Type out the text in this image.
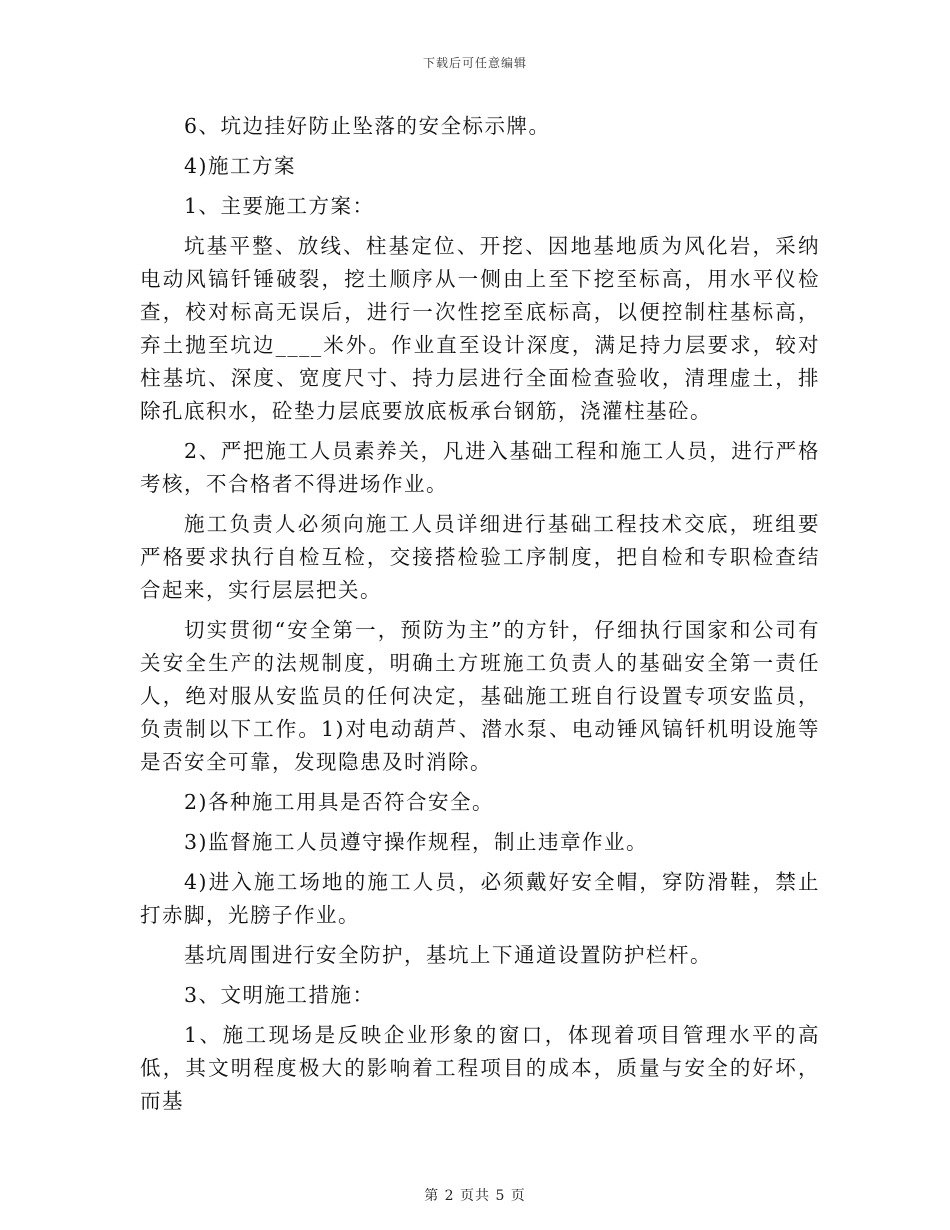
下载后可任意编辑

6、坑边挂好防止坠落的安全标示牌。

4)施工方案

1、主要施工方案：

坑基平整、放线、柱基定位、开挖、因地基地质为风化岩，采纳电动风镐钎锤破裂，挖土顺序从一侧由上至下挖至标高，用水平仪检查，校对标高无误后，进行一次性挖至底标高，以便控制柱基标高，弃土抛至坑边____米外。作业直至设计深度，满足持力层要求，较对柱基坑、深度、宽度尺寸、持力层进行全面检查验收，清理虚土，排除孔底积水，砼垫力层底要放底板承台钢筋，浇灌柱基砼。

2、严把施工人员素养关，凡进入基础工程和施工人员，进行严格考核，不合格者不得进场作业。

施工负责人必须向施工人员详细进行基础工程技术交底，班组要严格要求执行自检互检，交接搭检验工序制度，把自检和专职检查结合起来，实行层层把关。

切实贯彻“安全第一，预防为主”的方针，仔细执行国家和公司有关安全生产的法规制度，明确土方班施工负责人的基础安全第一责任人，绝对服从安监员的任何决定，基础施工班自行设置专项安监员，负责制以下工作。1)对电动葫芦、潜水泵、电动锤风镐钎机明设施等是否安全可靠，发现隐患及时消除。

2)各种施工用具是否符合安全。

3)监督施工人员遵守操作规程，制止违章作业。

4)进入施工场地的施工人员，必须戴好安全帽，穿防滑鞋，禁止打赤脚，光膀子作业。

基坑周围进行安全防护，基坑上下通道设置防护栏杆。

3、文明施工措施：

1、施工现场是反映企业形象的窗口，体现着项目管理水平的高低，其文明程度极大的影响着工程项目的成本，质量与安全的好坏，而基

第 2 页共 5 页
